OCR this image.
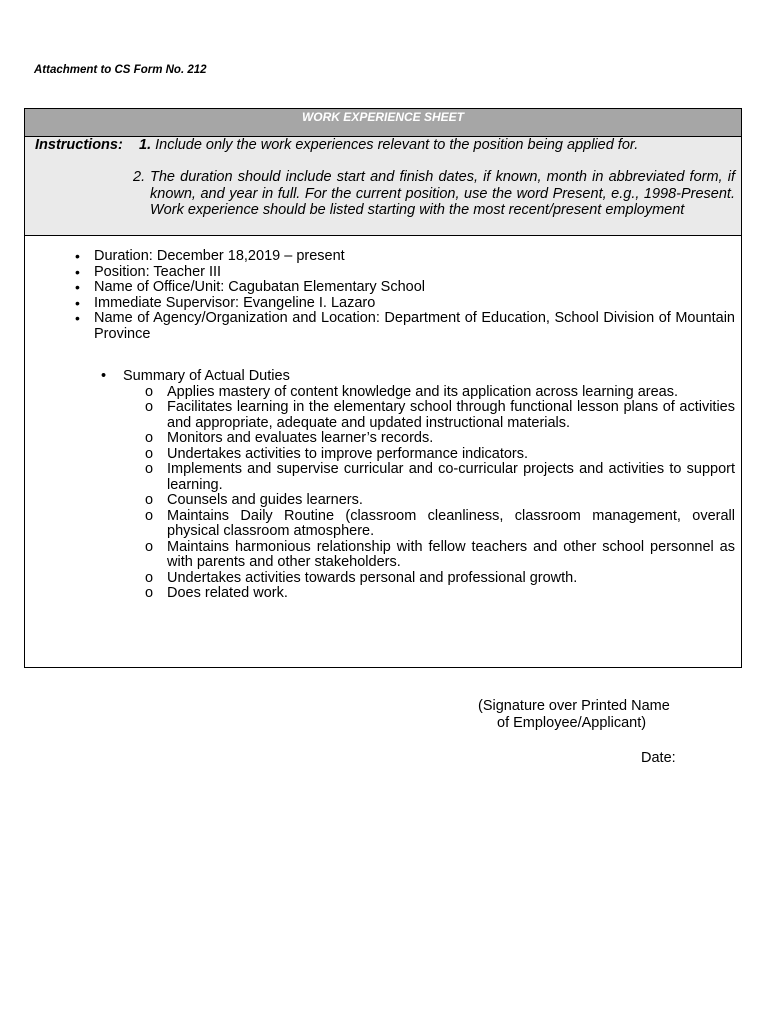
Attachment to CS Form No. 212
WORK EXPERIENCE SHEET
Instructions: 1. Include only the work experiences relevant to the position being applied for.
2. The duration should include start and finish dates, if known, month in abbreviated form, if known, and year in full. For the current position, use the word Present, e.g., 1998-Present. Work experience should be listed starting with the most recent/present employment
• Duration: December 18,2019 – present
• Position: Teacher III
• Name of Office/Unit: Cagubatan Elementary School
• Immediate Supervisor: Evangeline I. Lazaro
• Name of Agency/Organization and Location: Department of Education, School Division of Mountain Province
• Summary of Actual Duties
o Applies mastery of content knowledge and its application across learning areas.
o Facilitates learning in the elementary school through functional lesson plans of activities and appropriate, adequate and updated instructional materials.
o Monitors and evaluates learner’s records.
o Undertakes activities to improve performance indicators.
o Implements and supervise curricular and co-curricular projects and activities to support learning.
o Counsels and guides learners.
o Maintains Daily Routine (classroom cleanliness, classroom management, overall physical classroom atmosphere.
o Maintains harmonious relationship with fellow teachers and other school personnel as with parents and other stakeholders.
o Undertakes activities towards personal and professional growth.
o Does related work.
(Signature over Printed Name
of Employee/Applicant)
Date:
